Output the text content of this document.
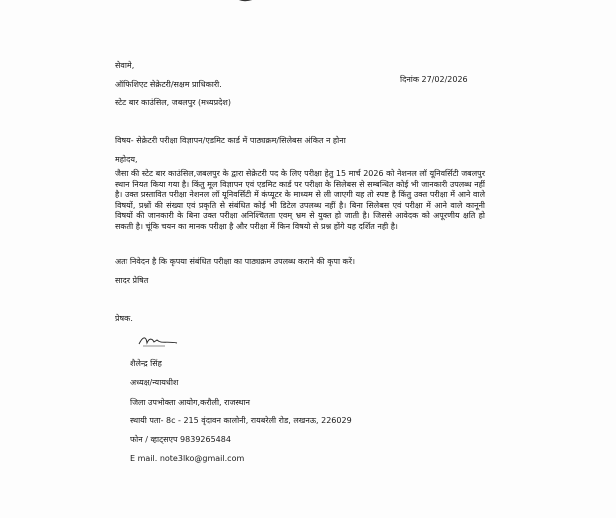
सेवामे,
ऑफिशिएट सेक्रेटरी/सक्षम प्राधिकारी.
दिनांक 27/02/2026
स्टेट बार काउंसिल, जबलपुर (मध्यप्रदेश)
विषय- सेक्रेटरी परीक्षा विज्ञापन/एडमिट कार्ड में पाठ्यक्रम/सिलेबस अंकित न होना
महोदय,
जैसा की स्टेट बार काउंसिल,जबलपुर के द्वारा सेक्रेटरी पद के लिए परीक्षा हेतु 15 मार्च 2026 को नेशनल लॉ यूनिवर्सिटी जबलपुर स्थान नियत किया गया है। किंतु मूल विज्ञापन एवं एडमिट कार्ड पर परीक्षा के सिलेबस से सम्बन्धित कोई भी जानकारी उपलब्ध नहीं है। उक्त प्रस्तावित परीक्षा नेशनल लॉ यूनिवर्सिटी में कंप्यूटर के माध्यम से ली जाएगी यह तो स्पष्ट है किंतु उक्त परीक्षा में आने वाले विषयों, प्रश्नों की संख्या एवं प्रकृति से संबंधित कोई भी डिटेल उपलब्ध नहीं है। बिना सिलेबस एवं परीक्षा में आने वाले कानूनी विषयों की जानकारी के बिना उक्त परीक्षा अनिश्चितता एवम् भ्रम से युक्त हो जाती है। जिससे आवेदक को अपूरणीय क्षति हो सकती है। चूंकि चयन का मानक परीक्षा है और परीक्षा में किन विषयो से प्रश्न होंगे यह दर्शित नही है।
अतः निवेदन है कि कृपया संबंधित परीक्षा का पाठ्यक्रम उपलब्ध कराने की कृपा करें।
सादर प्रेषित
प्रेषक.
शैलेन्द्र सिंह
अध्यक्ष/न्यायधीश
जिला उपभोक्ता आयोग,करौली, राजस्थान
स्थायी पता- 8c - 215 वृंदावन कालोनी, रायबरेली रोड, लखनऊ, 226029
फोन / व्हाट्सएप 9839265484
E mail. note3lko@gmail.com
